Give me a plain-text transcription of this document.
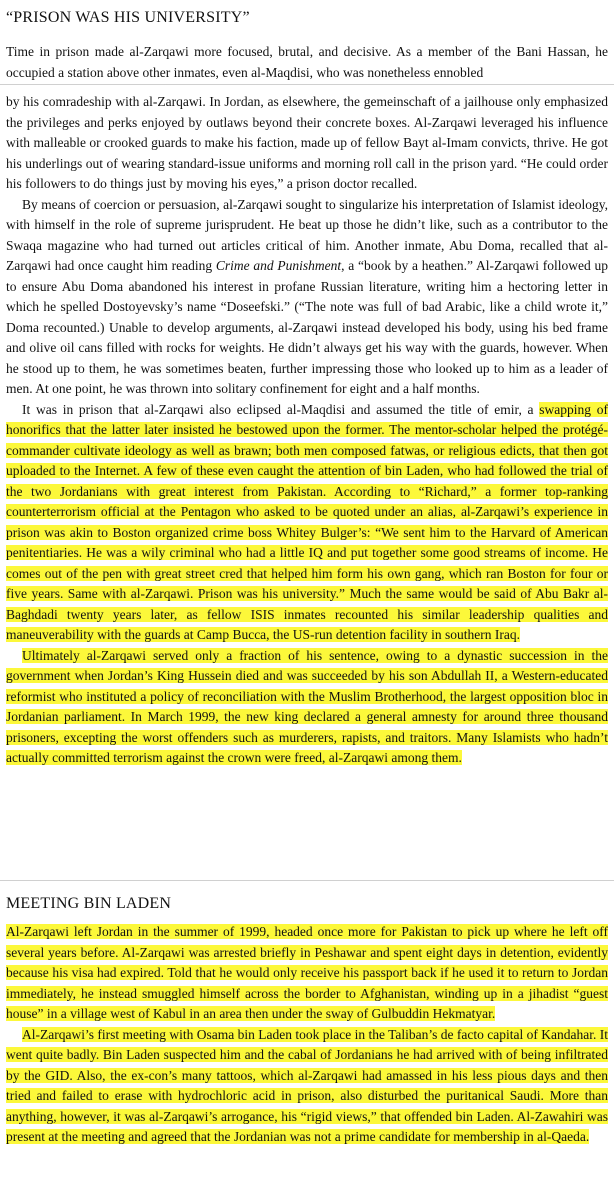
“PRISON WAS HIS UNIVERSITY”

Time in prison made al-Zarqawi more focused, brutal, and decisive. As a member of the Bani Hassan, he occupied a station above other inmates, even al-Maqdisi, who was nonetheless ennobled

by his comradeship with al-Zarqawi. In Jordan, as elsewhere, the gemeinschaft of a jailhouse only emphasized the privileges and perks enjoyed by outlaws beyond their concrete boxes. Al-Zarqawi leveraged his influence with malleable or crooked guards to make his faction, made up of fellow Bayt al-Imam convicts, thrive. He got his underlings out of wearing standard-issue uniforms and morning roll call in the prison yard. “He could order his followers to do things just by moving his eyes,” a prison doctor recalled.

By means of coercion or persuasion, al-Zarqawi sought to singularize his interpretation of Islamist ideology, with himself in the role of supreme jurisprudent. He beat up those he didn’t like, such as a contributor to the Swaqa magazine who had turned out articles critical of him. Another inmate, Abu Doma, recalled that al-Zarqawi had once caught him reading Crime and Punishment, a “book by a heathen.” Al-Zarqawi followed up to ensure Abu Doma abandoned his interest in profane Russian literature, writing him a hectoring letter in which he spelled Dostoyevsky’s name “Doseefski.” (“The note was full of bad Arabic, like a child wrote it,” Doma recounted.) Unable to develop arguments, al-Zarqawi instead developed his body, using his bed frame and olive oil cans filled with rocks for weights. He didn’t always get his way with the guards, however. When he stood up to them, he was sometimes beaten, further impressing those who looked up to him as a leader of men. At one point, he was thrown into solitary confinement for eight and a half months.

It was in prison that al-Zarqawi also eclipsed al-Maqdisi and assumed the title of emir, a swapping of honorifics that the latter later insisted he bestowed upon the former. The mentor-scholar helped the protégé-commander cultivate ideology as well as brawn; both men composed fatwas, or religious edicts, that then got uploaded to the Internet. A few of these even caught the attention of bin Laden, who had followed the trial of the two Jordanians with great interest from Pakistan. According to “Richard,” a former top-ranking counterterrorism official at the Pentagon who asked to be quoted under an alias, al-Zarqawi’s experience in prison was akin to Boston organized crime boss Whitey Bulger’s: “We sent him to the Harvard of American penitentiaries. He was a wily criminal who had a little IQ and put together some good streams of income. He comes out of the pen with great street cred that helped him form his own gang, which ran Boston for four or five years. Same with al-Zarqawi. Prison was his university.” Much the same would be said of Abu Bakr al-Baghdadi twenty years later, as fellow ISIS inmates recounted his similar leadership qualities and maneuverability with the guards at Camp Bucca, the US-run detention facility in southern Iraq.

Ultimately al-Zarqawi served only a fraction of his sentence, owing to a dynastic succession in the government when Jordan’s King Hussein died and was succeeded by his son Abdullah II, a Western-educated reformist who instituted a policy of reconciliation with the Muslim Brotherhood, the largest opposition bloc in Jordanian parliament. In March 1999, the new king declared a general amnesty for around three thousand prisoners, excepting the worst offenders such as murderers, rapists, and traitors. Many Islamists who hadn’t actually committed terrorism against the crown were freed, al-Zarqawi among them.

MEETING BIN LADEN

Al-Zarqawi left Jordan in the summer of 1999, headed once more for Pakistan to pick up where he left off several years before. Al-Zarqawi was arrested briefly in Peshawar and spent eight days in detention, evidently because his visa had expired. Told that he would only receive his passport back if he used it to return to Jordan immediately, he instead smuggled himself across the border to Afghanistan, winding up in a jihadist “guest house” in a village west of Kabul in an area then under the sway of Gulbuddin Hekmatyar.

Al-Zarqawi’s first meeting with Osama bin Laden took place in the Taliban’s de facto capital of Kandahar. It went quite badly. Bin Laden suspected him and the cabal of Jordanians he had arrived with of being infiltrated by the GID. Also, the ex-con’s many tattoos, which al-Zarqawi had amassed in his less pious days and then tried and failed to erase with hydrochloric acid in prison, also disturbed the puritanical Saudi. More than anything, however, it was al-Zarqawi’s arrogance, his “rigid views,” that offended bin Laden. Al-Zawahiri was present at the meeting and agreed that the Jordanian was not a prime candidate for membership in al-Qaeda.
